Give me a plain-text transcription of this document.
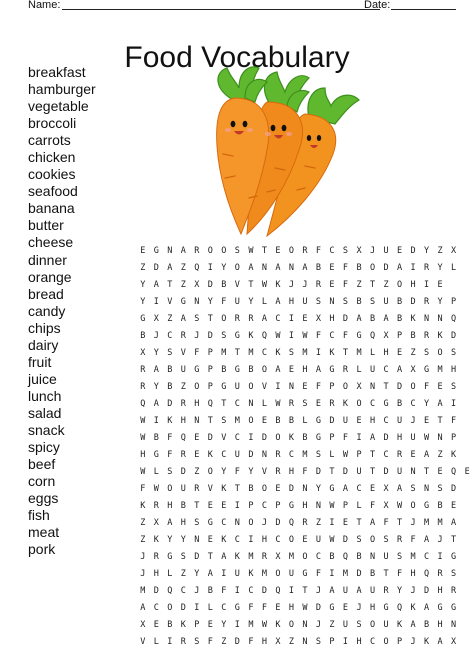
Name:	Date:
Food Vocabulary
breakfast
hamburger
vegetable
broccoli
carrots
chicken
cookies
seafood
banana
butter
cheese
dinner
orange
bread
candy
chips
dairy
fruit
juice
lunch
salad
snack
spicy
beef
corn
eggs
fish
meat
pork
E	G	N	A	R	O	O	S	W	T	E	O	R	F	C	S	X	J	U	E	D	Y	Z	X	
Z	D	A	Z	Q	I	Y	O	A	N	A	N	A	B	E	F	B	O	D	A	I	R	Y	L	
Y	A	T	Z	X	D	B	V	T	W	K	J	J	R	E	F	Z	T	Z	O	H	I	E		
Y	I	V	G	N	Y	F	U	Y	L	A	H	U	S	N	S	B	S	U	B	D	R	Y	P	
G	X	Z	A	S	T	O	R	R	A	C	I	E	X	H	D	A	B	A	B	K	N	N	Q	
B	J	C	R	J	D	S	G	K	Q	W	I	W	F	C	F	G	Q	X	P	B	R	K	D	
X	Y	S	V	F	P	M	T	M	C	K	S	M	I	K	T	M	L	H	E	Z	S	O	S	
R	A	B	U	G	P	B	G	B	O	A	E	H	A	G	R	L	U	C	A	X	G	M	H	
R	Y	B	Z	O	P	G	U	O	V	I	N	E	F	P	O	X	N	T	D	O	F	E	S	
Q	A	D	R	H	Q	T	C	N	L	W	R	S	E	R	K	O	C	G	B	C	Y	A	I	
W	I	K	H	N	T	S	M	O	E	B	B	L	G	D	U	E	H	C	U	J	E	T	F	
W	B	F	Q	E	D	V	C	I	D	O	K	B	G	P	F	I	A	D	H	U	W	N	P	
H	G	F	R	E	K	C	U	D	N	R	C	M	S	L	W	P	T	C	R	E	A	Z	K	
W	L	S	D	Z	O	Y	F	Y	V	R	H	F	D	T	D	U	T	D	U	N	T	E	Q	E
F	W	O	U	R	V	K	T	B	O	E	D	N	Y	G	A	C	E	X	A	S	N	S	D	
K	R	H	B	T	E	E	I	P	C	P	G	H	N	W	P	L	F	X	W	O	G	B	E	
Z	X	A	H	S	G	C	N	O	J	D	Q	R	Z	I	E	T	A	F	T	J	M	M	A	
Z	K	Y	Y	N	E	K	C	I	H	C	O	E	U	W	D	S	O	S	R	F	A	J	T	
J	R	G	S	D	T	A	K	M	R	X	M	O	C	B	Q	B	N	U	S	M	C	I	G	
J	H	L	Z	Y	A	I	U	K	M	O	U	G	F	I	M	D	B	T	F	H	Q	R	S	
M	D	Q	C	J	B	F	I	C	D	Q	I	T	J	A	U	A	U	R	Y	J	D	H	R	
A	C	O	D	I	L	C	G	F	F	E	H	W	D	G	E	J	H	G	Q	K	A	G	G	
X	E	B	K	P	E	Y	I	M	W	K	O	N	J	Z	U	S	O	U	K	A	B	H	N	
V	L	I	R	S	F	Z	D	F	H	X	Z	N	S	P	I	H	C	O	P	J	K	A	X	
